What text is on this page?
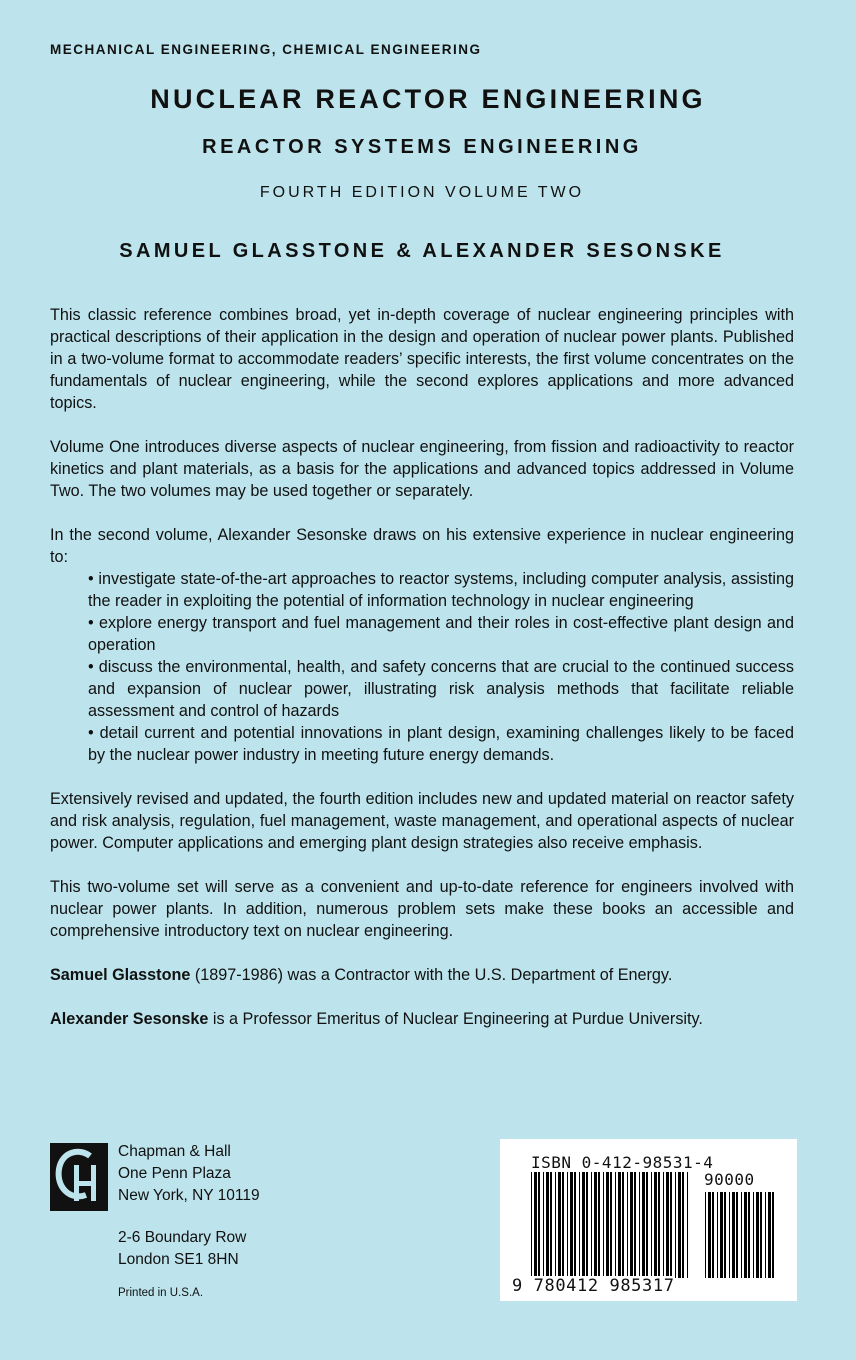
MECHANICAL ENGINEERING, CHEMICAL ENGINEERING
NUCLEAR REACTOR ENGINEERING
REACTOR SYSTEMS ENGINEERING
FOURTH EDITION VOLUME TWO
SAMUEL GLASSTONE & ALEXANDER SESONSKE

This classic reference combines broad, yet in-depth coverage of nuclear engineering principles with practical descriptions of their application in the design and operation of nuclear power plants. Published in a two-volume format to accommodate readers’ specific interests, the first volume concentrates on the fundamentals of nuclear engineering, while the second explores applications and more advanced topics.

Volume One introduces diverse aspects of nuclear engineering, from fission and radioactivity to reactor kinetics and plant materials, as a basis for the applications and advanced topics addressed in Volume Two. The two volumes may be used together or separately.

In the second volume, Alexander Sesonske draws on his extensive experience in nuclear engineering to:

• investigate state-of-the-art approaches to reactor systems, including computer analysis, assisting the reader in exploiting the potential of information technology in nuclear engineering
• explore energy transport and fuel management and their roles in cost-effective plant design and operation
• discuss the environmental, health, and safety concerns that are crucial to the continued success and expansion of nuclear power, illustrating risk analysis methods that facilitate reliable assessment and control of hazards
• detail current and potential innovations in plant design, examining challenges likely to be faced by the nuclear power industry in meeting future energy demands.

Extensively revised and updated, the fourth edition includes new and updated material on reactor safety and risk analysis, regulation, fuel management, waste management, and operational aspects of nuclear power. Computer applications and emerging plant design strategies also receive emphasis.

This two-volume set will serve as a convenient and up-to-date reference for engineers involved with nuclear power plants. In addition, numerous problem sets make these books an accessible and comprehensive introductory text on nuclear engineering.

Samuel Glasstone (1897-1986) was a Contractor with the U.S. Department of Energy.

Alexander Sesonske is a Professor Emeritus of Nuclear Engineering at Purdue University.

CH
Chapman & Hall
One Penn Plaza
New York, NY 10119
2-6 Boundary Row
London SE1 8HN
Printed in U.S.A.
ISBN 0-412-98531-4
90000
9 780412 985317
